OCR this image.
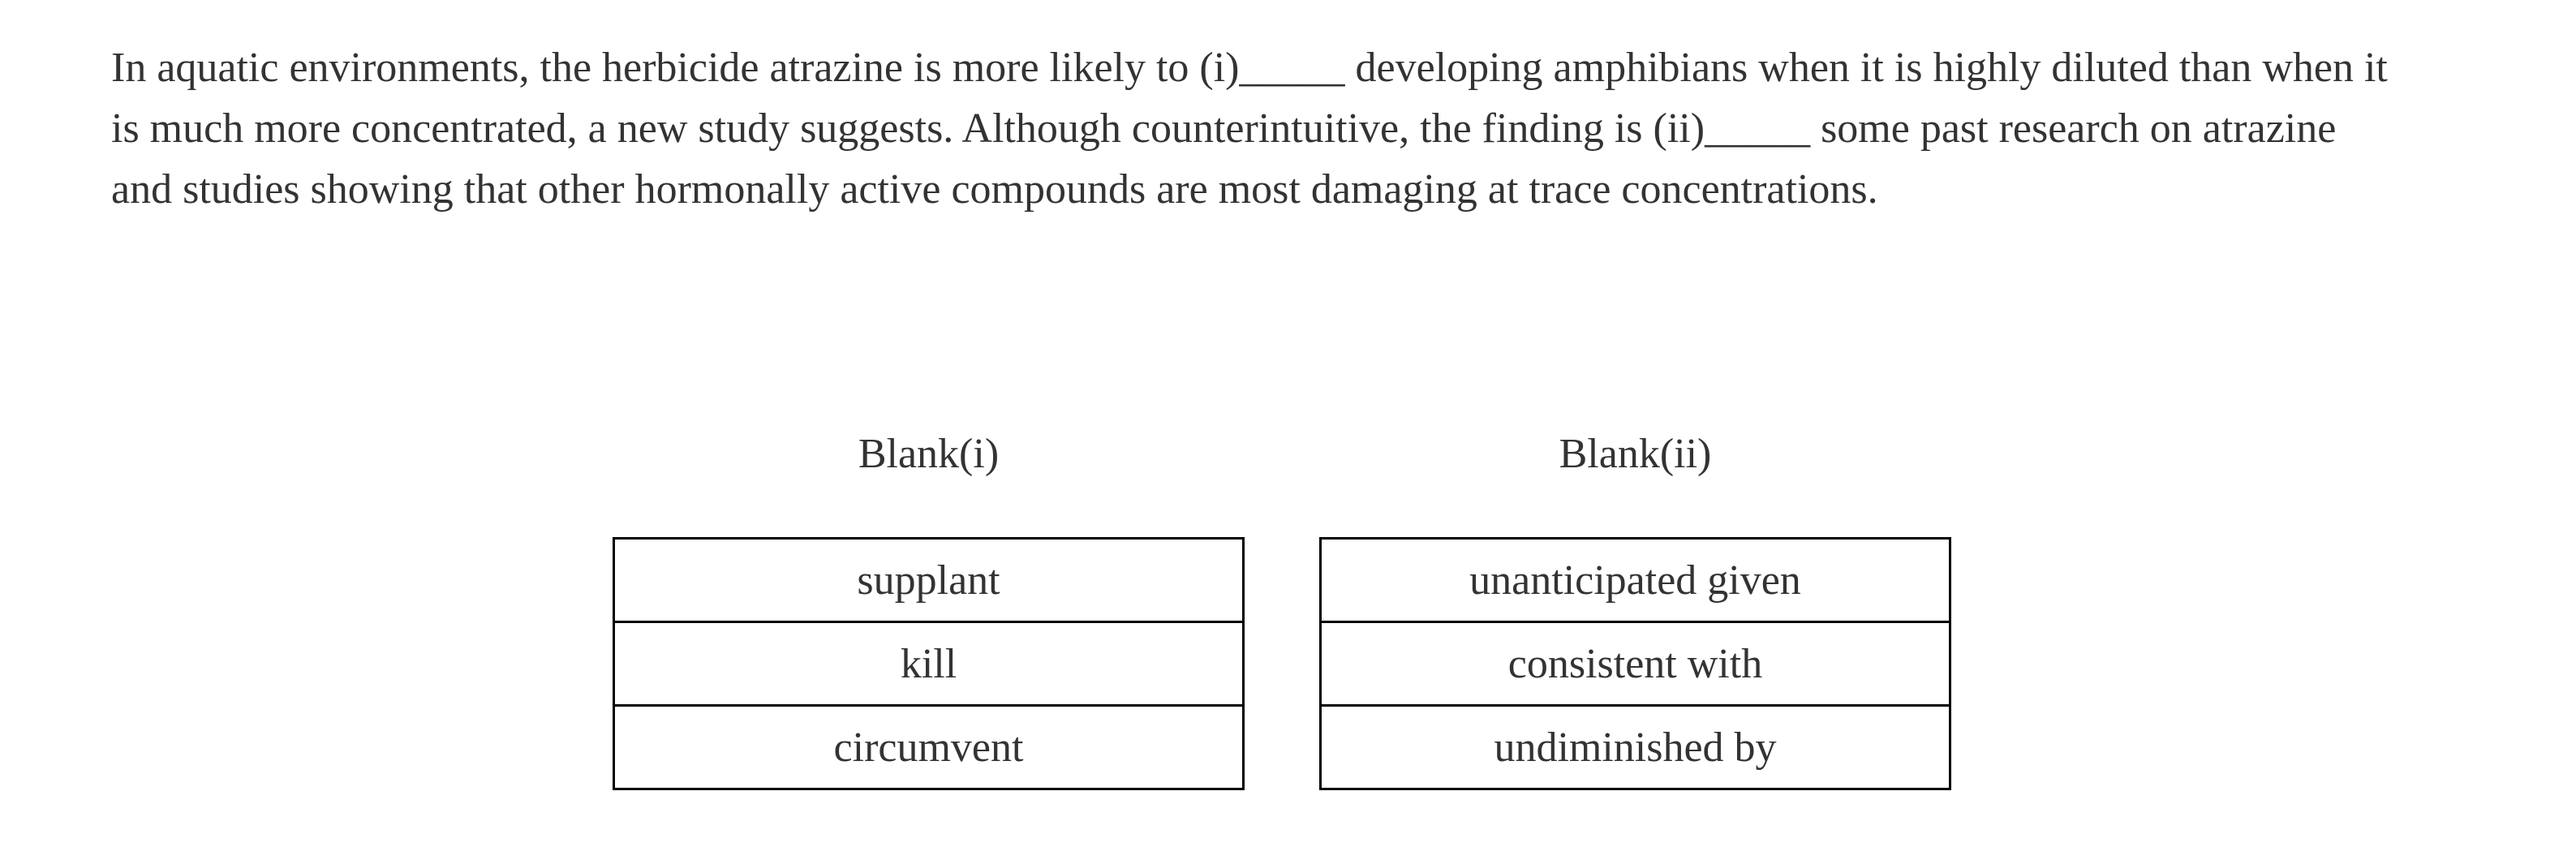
In aquatic environments, the herbicide atrazine is more likely to (i)_____ developing amphibians when it is highly diluted than when it
is much more concentrated, a new study suggests. Although counterintuitive, the finding is (ii)_____ some past research on atrazine
and studies showing that other hormonally active compounds are most damaging at trace concentrations.

Blank(i)
supplant
kill
circumvent
Blank(ii)
unanticipated given
consistent with
undiminished by
